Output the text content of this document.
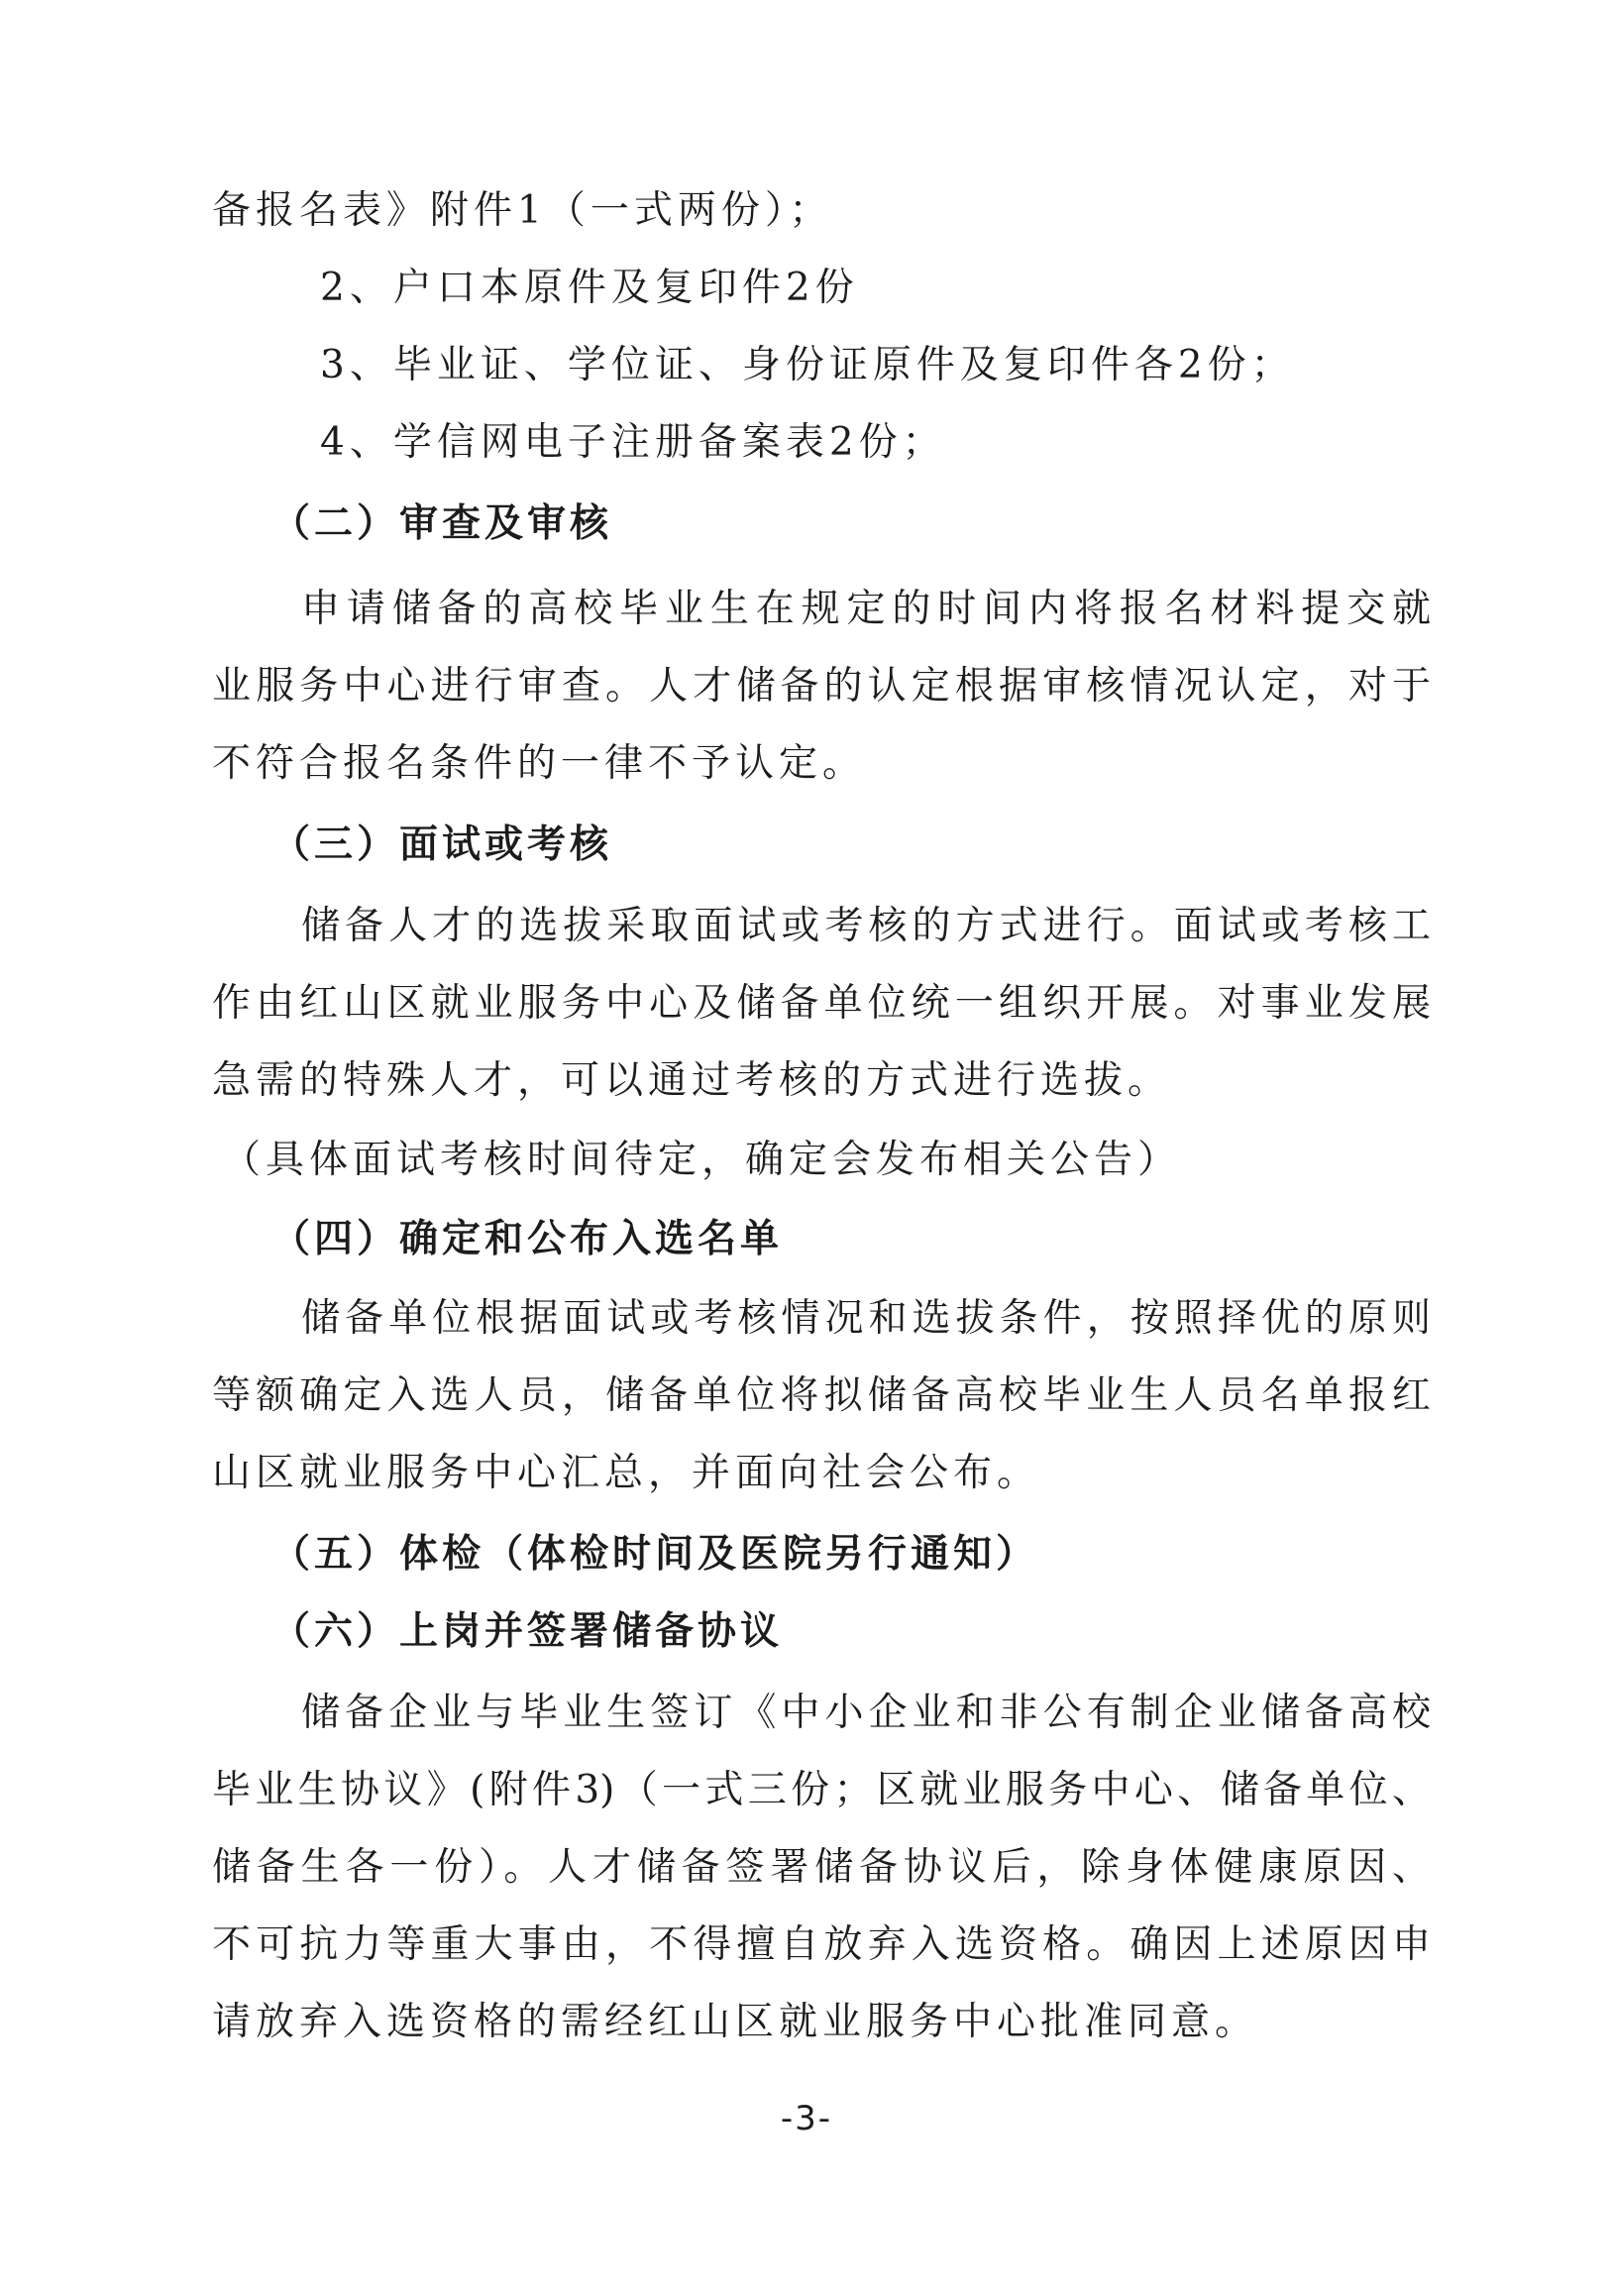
备报名表》附件1（一式两份）；
2、户口本原件及复印件2份
3、毕业证、学位证、身份证原件及复印件各2份；
4、学信网电子注册备案表2份；
（二）审查及审核
申请储备的高校毕业生在规定的时间内将报名材料提交就
业服务中心进行审查。人才储备的认定根据审核情况认定，对于
不符合报名条件的一律不予认定。
（三）面试或考核
储备人才的选拔采取面试或考核的方式进行。面试或考核工
作由红山区就业服务中心及储备单位统一组织开展。对事业发展
急需的特殊人才，可以通过考核的方式进行选拔。
（具体面试考核时间待定，确定会发布相关公告）
（四）确定和公布入选名单
储备单位根据面试或考核情况和选拔条件，按照择优的原则
等额确定入选人员，储备单位将拟储备高校毕业生人员名单报红
山区就业服务中心汇总，并面向社会公布。
（五）体检（体检时间及医院另行通知）
（六）上岗并签署储备协议
储备企业与毕业生签订《中小企业和非公有制企业储备高校
毕业生协议》(附件3)（一式三份；区就业服务中心、储备单位、
储备生各一份）。人才储备签署储备协议后，除身体健康原因、
不可抗力等重大事由，不得擅自放弃入选资格。确因上述原因申
请放弃入选资格的需经红山区就业服务中心批准同意。
-3-
